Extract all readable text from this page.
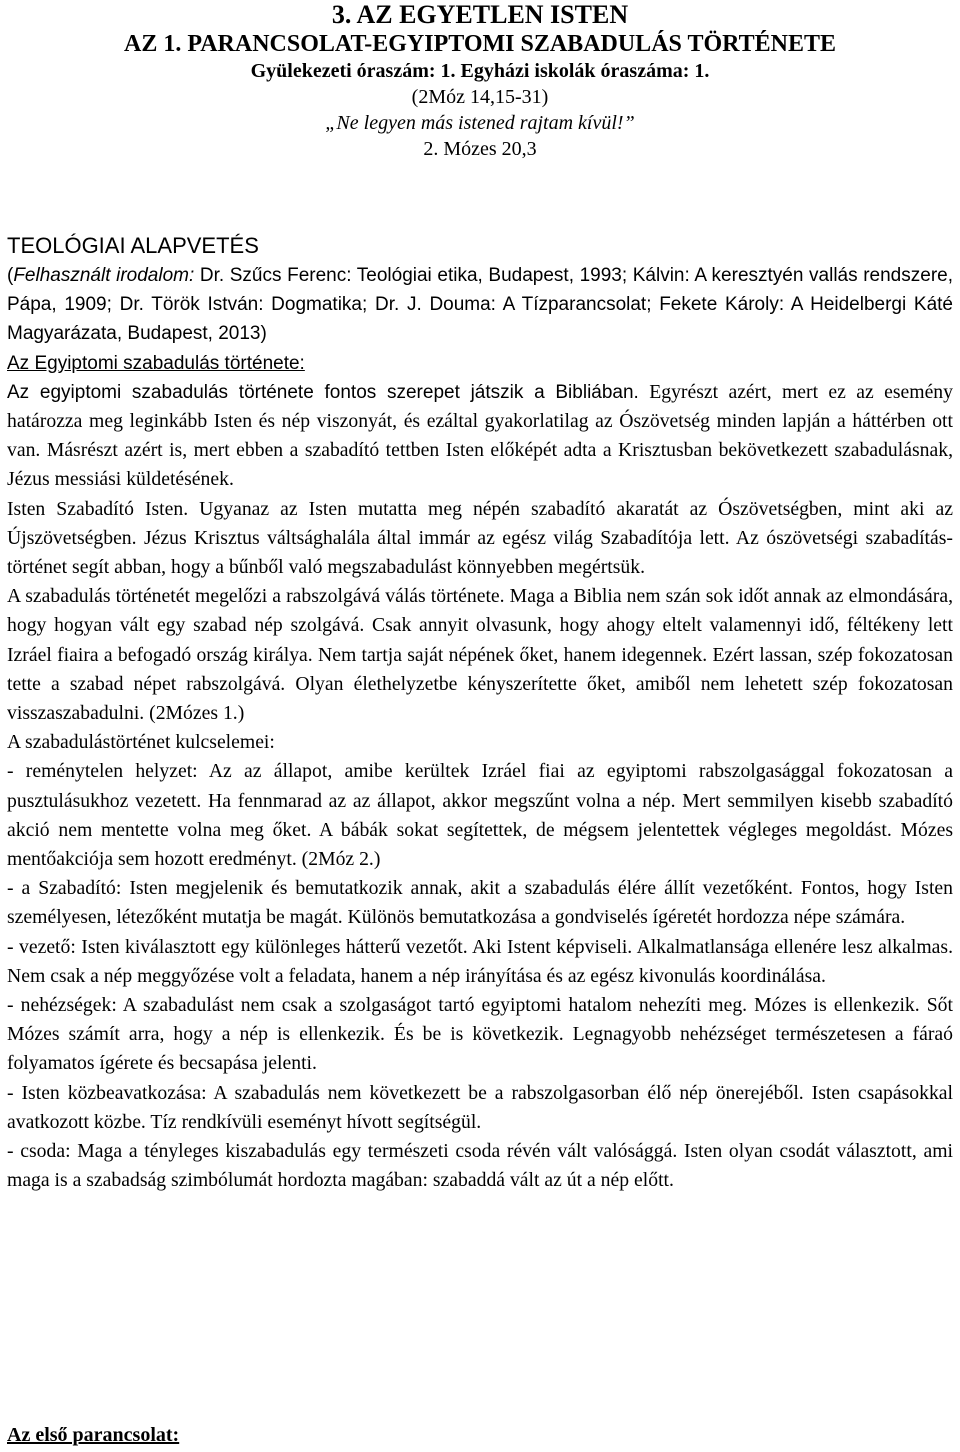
3. AZ EGYETLEN ISTEN
AZ 1. PARANCSOLAT-EGYIPTOMI SZABADULÁS TÖRTÉNETE
Gyülekezeti óraszám: 1. Egyházi iskolák óraszáma: 1.
(2Móz 14,15-31)
„Ne legyen más istened rajtam kívül!”
2. Mózes 20,3
TEOLÓGIAI ALAPVETÉS

(Felhasznált irodalom: Dr. Szűcs Ferenc: Teológiai etika, Budapest, 1993; Kálvin: A keresztyén vallás rendszere, Pápa, 1909; Dr. Török István: Dogmatika; Dr. J. Douma: A Tízparancsolat; Fekete Károly: A Heidelbergi Káté Magyarázata, Budapest, 2013)

Az Egyiptomi szabadulás története:

Az egyiptomi szabadulás története fontos szerepet játszik a Bibliában. Egyrészt azért, mert ez az esemény határozza meg leginkább Isten és nép viszonyát, és ezáltal gyakorlatilag az Ószövetség minden lapján a háttérben ott van. Másrészt azért is, mert ebben a szabadító tettben Isten előképét adta a Krisztusban bekövetkezett szabadulásnak, Jézus messiási küldetésének.

Isten Szabadító Isten. Ugyanaz az Isten mutatta meg népén szabadító akaratát az Ószövetségben, mint aki az Újszövetségben. Jézus Krisztus váltsághalála által immár az egész világ Szabadítója lett. Az ószövetségi szabadítás-történet segít abban, hogy a bűnből való megszabadulást könnyebben megértsük.

A szabadulás történetét megelőzi a rabszolgává válás története. Maga a Biblia nem szán sok időt annak az elmondására, hogy hogyan vált egy szabad nép szolgává. Csak annyit olvasunk, hogy ahogy eltelt valamennyi idő, féltékeny lett Izráel fiaira a befogadó ország királya. Nem tartja saját népének őket, hanem idegennek. Ezért lassan, szép fokozatosan tette a szabad népet rabszolgává. Olyan élethelyzetbe kényszerítette őket, amiből nem lehetett szép fokozatosan visszaszabadulni. (2Mózes 1.)

A szabadulástörténet kulcselemei:

- reménytelen helyzet: Az az állapot, amibe kerültek Izráel fiai az egyiptomi rabszolgasággal fokozatosan a pusztulásukhoz vezetett. Ha fennmarad az az állapot, akkor megszűnt volna a nép. Mert semmilyen kisebb szabadító akció nem mentette volna meg őket. A bábák sokat segítettek, de mégsem jelentettek végleges megoldást. Mózes mentőakciója sem hozott eredményt. (2Móz 2.)

- a Szabadító: Isten megjelenik és bemutatkozik annak, akit a szabadulás élére állít vezetőként. Fontos, hogy Isten személyesen, létezőként mutatja be magát. Különös bemutatkozása a gondviselés ígéretét hordozza népe számára.

- vezető: Isten kiválasztott egy különleges hátterű vezetőt. Aki Istent képviseli. Alkalmatlansága ellenére lesz alkalmas. Nem csak a nép meggyőzése volt a feladata, hanem a nép irányítása és az egész kivonulás koordinálása.

- nehézségek: A szabadulást nem csak a szolgaságot tartó egyiptomi hatalom nehezíti meg. Mózes is ellenkezik. Sőt Mózes számít arra, hogy a nép is ellenkezik. És be is következik. Legnagyobb nehézséget természetesen a fáraó folyamatos ígérete és becsapása jelenti.

- Isten közbeavatkozása: A szabadulás nem következett be a rabszolgasorban élő nép önerejéből. Isten csapásokkal avatkozott közbe. Tíz rendkívüli eseményt hívott segítségül.

- csoda: Maga a tényleges kiszabadulás egy természeti csoda révén vált valósággá. Isten olyan csodát választott, ami maga is a szabadság szimbólumát hordozta magában: szabaddá vált az út a nép előtt.

Az első parancsolat:
